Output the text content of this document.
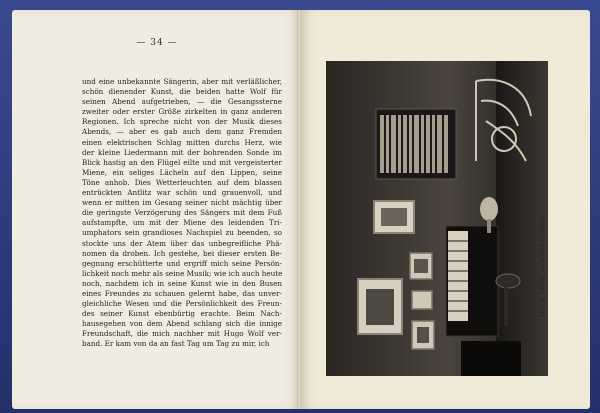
— 34 —
und eine unbekannte Sängerin, aber mit verläßlicher,
schön dienender Kunst, die beiden hatte Wolf für
seinen Abend aufgetrieben, — die Gesangssterne
zweiter oder erster Größe zirkelten in ganz anderen
Regionen. Ich spreche nicht von der Musik dieses
Abends, — aber es gab auch dem ganz Fremden
einen elektrischen Schlag mitten durchs Herz, wie
der kleine Liedermann mit der bohrenden Sonde im
Blick hastig an den Flügel eilte und mit vergeisterter
Miene, ein seliges Lächeln auf den Lippen, seine
Töne anhob. Dies Wetterleuchten auf dem blassen
entrückten Antlitz war schön und grauenvoll, und
wenn er mitten im Gesang seiner nicht mächtig über
die geringste Verzögerung des Sängers mit dem Fuß
aufstampfte, um mit der Miene des leidenden Tri-
umphators sein grandioses Nachspiel zu beenden, so
stockte uns der Atem über das unbegreifliche Phä-
nomen da droben. Ich gestehe, bei dieser ersten Be-
gegnung erschütterte und ergriff mich seine Persön-
lichkeit noch mehr als seine Musik; wie ich auch heute
noch, nachdem ich in seine Kunst wie in den Busen
eines Freundes zu schauen gelernt habe, das unver-
gleichliche Wesen und die Persönlichkeit des Freun-
des seiner Kunst ebenbürtig erachte. Beim Nach-
hausegehen von dem Abend schlang sich die innige
Freundschaft, die mich nachher mit Hugo Wolf ver-
band. Er kam von da an fast Tag um Tag zu mir, ich
Arbeitszimmer Hugo Wolfs.
